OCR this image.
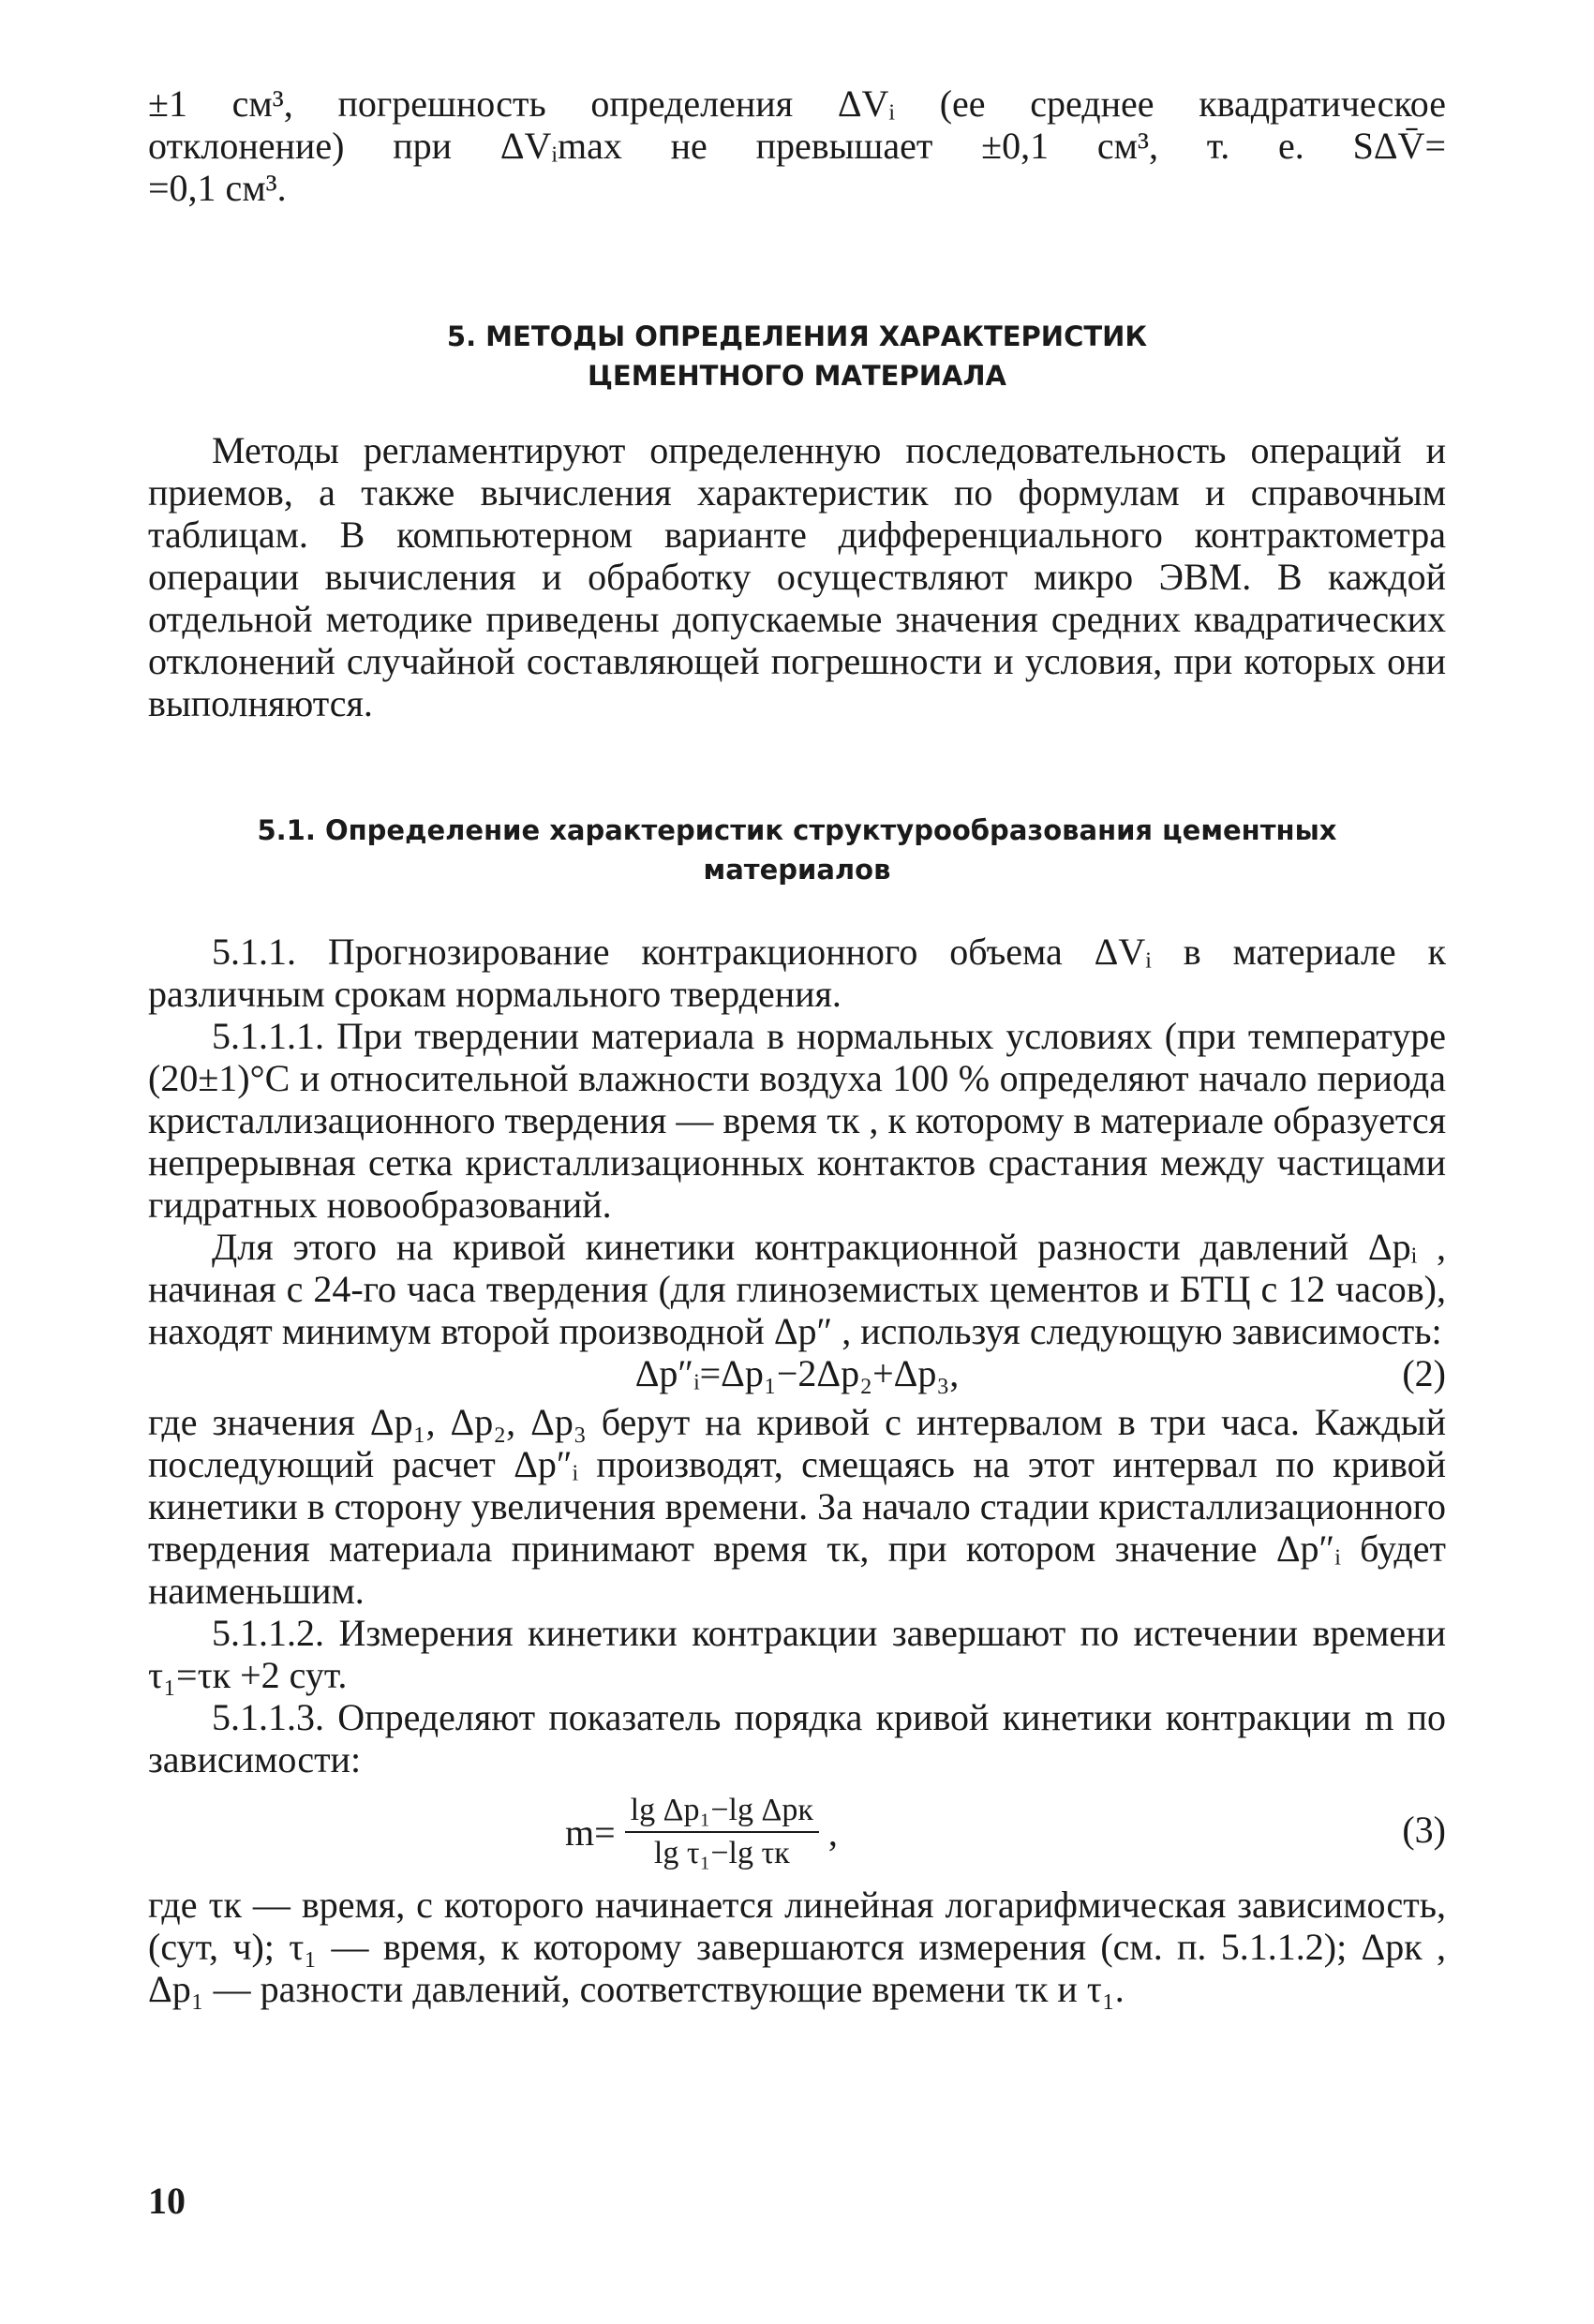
±1 см³, погрешность определения ΔVᵢ (ее среднее квадратическое

отклонение) при ΔVᵢmax не превышает ±0,1 см³, т. е. SΔV̄=

=0,1 см³.

5. МЕТОДЫ ОПРЕДЕЛЕНИЯ ХАРАКТЕРИСТИК

ЦЕМЕНТНОГО МАТЕРИАЛА

Методы регламентируют определенную последовательность операций и приемов, а также вычисления характеристик по формулам и справочным таблицам. В компьютерном варианте дифференциального контрактометра операции вычисления и обработку осуществляют микро ЭВМ. В каждой отдельной методике приведены допускаемые значения средних квадратических отклонений случайной составляющей погрешности и условия, при которых они выполняются.

5.1. Определение характеристик структурообразования цементных

материалов

5.1.1. Прогнозирование контракционного объема ΔVᵢ в материале к различным срокам нормального твердения.

5.1.1.1. При твердении материала в нормальных условиях (при температуре (20±1)°C и относительной влажности воздуха 100 % определяют начало периода кристаллизационного твердения — время τк , к которому в материале образуется непрерывная сетка кристаллизационных контактов срастания между частицами гидратных новообразований.

Для этого на кривой кинетики контракционной разности давлений Δpᵢ , начиная с 24-го часа твердения (для глиноземистых цементов и БТЦ с 12 часов), находят минимум второй производной Δp″ , используя следующую зависимость:

Δp″ᵢ=Δp₁−2Δp₂+Δp₃,	(2)

где значения Δp₁, Δp₂, Δp₃ берут на кривой с интервалом в три часа. Каждый последующий расчет Δp″ᵢ производят, смещаясь на этот интервал по кривой кинетики в сторону увеличения времени. За начало стадии кристаллизационного твердения материала принимают время τк, при котором значение Δp″ᵢ будет наименьшим.

5.1.1.2. Измерения кинетики контракции завершают по истечении времени τ₁=τк +2 сут.

5.1.1.3. Определяют показатель порядка кривой кинетики контракции m по зависимости:

$m= \frac{\text{lg Δp₁−lg Δpк}}{\text{lg τ₁−lg τк}}$ ,	(3)

где τк — время, с которого начинается линейная логарифмическая зависимость, (сут, ч); τ₁ — время, к которому завершаются измерения (см. п. 5.1.1.2); Δpк , Δp₁ — разности давлений, соответствующие времени τк и τ₁.

10
